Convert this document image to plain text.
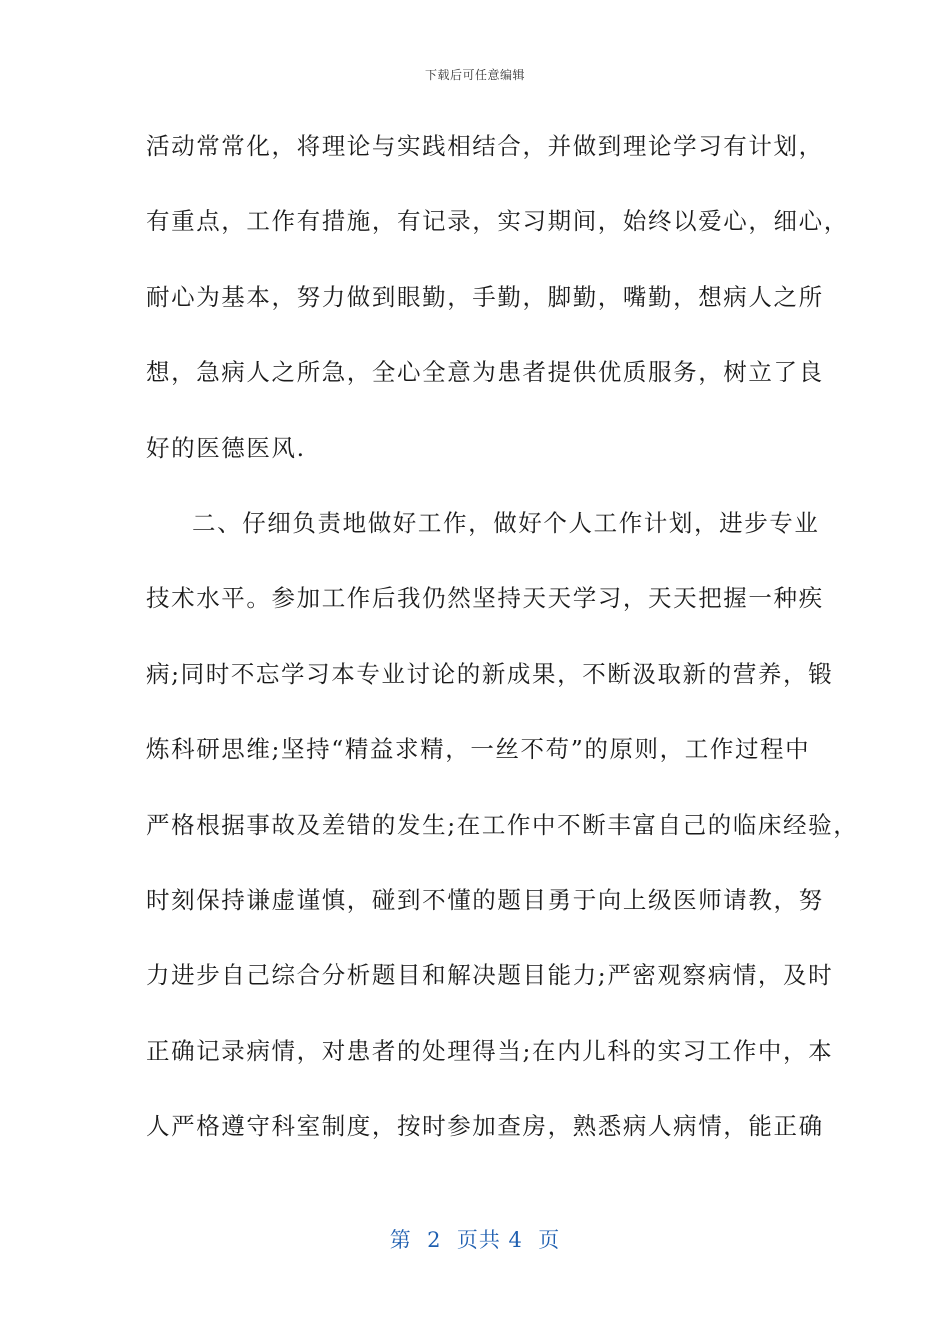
下载后可任意编辑
活动常常化，将理论与实践相结合，并做到理论学习有计划，
有重点，工作有措施，有记录，实习期间，始终以爱心，细心，
耐心为基本，努力做到眼勤，手勤，脚勤，嘴勤，想病人之所
想，急病人之所急，全心全意为患者提供优质服务，树立了良
好的医德医风.
二、仔细负责地做好工作，做好个人工作计划，进步专业
技术水平。参加工作后我仍然坚持天天学习，天天把握一种疾
病;同时不忘学习本专业讨论的新成果，不断汲取新的营养，锻
炼科研思维;坚持“精益求精，一丝不苟”的原则，工作过程中
严格根据事故及差错的发生;在工作中不断丰富自己的临床经验，
时刻保持谦虚谨慎，碰到不懂的题目勇于向上级医师请教，努
力进步自己综合分析题目和解决题目能力;严密观察病情，及时
正确记录病情，对患者的处理得当;在内儿科的实习工作中，本
人严格遵守科室制度，按时参加查房，熟悉病人病情，能正确
第  2  页共 4  页
